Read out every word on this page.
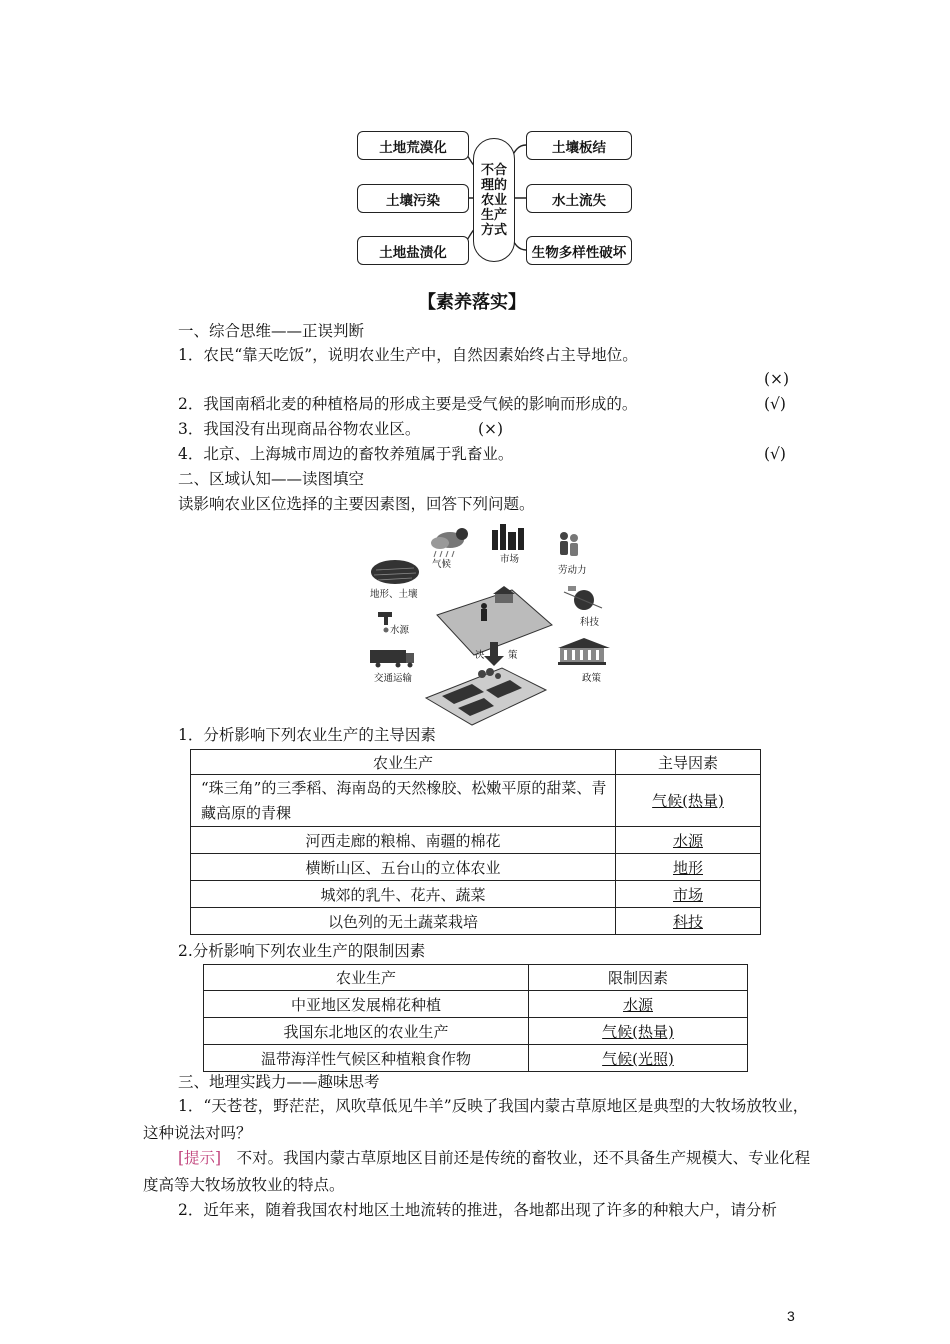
土地荒漠化
土壤污染
土地盐渍化
不合
理的
农业
生产
方式
土壤板结
水土流失
生物多样性破坏
【素养落实】
一、综合思维——正误判断
1．农民“靠天吃饭”，说明农业生产中，自然因素始终占主导地位。
(×)
2．我国南稻北麦的种植格局的形成主要是受气候的影响而形成的。	(√)
3．我国没有出现商品谷物农业区。	(×)
4．北京、上海城市周边的畜牧养殖属于乳畜业。	(√)
二、区域认知——读图填空
读影响农业区位选择的主要因素图，回答下列问题。
气候	市场
劳动力
地形、土壤
科技
水源
决 策
交通运输	政策
1．分析影响下列农业生产的主导因素
农业生产	主导因素
“珠三角”的三季稻、海南岛的天然橡胶、松嫩平原的甜菜、青藏高原的青稞	气候(热量)
河西走廊的粮棉、南疆的棉花	水源
横断山区、五台山的立体农业	地形
城郊的乳牛、花卉、蔬菜	市场
以色列的无土蔬菜栽培	科技
2.分析影响下列农业生产的限制因素
农业生产	限制因素
中亚地区发展棉花种植	水源
我国东北地区的农业生产	气候(热量)
温带海洋性气候区种植粮食作物	气候(光照)
三、地理实践力——趣味思考
1．“天苍苍，野茫茫，风吹草低见牛羊”反映了我国内蒙古草原地区是典型的大牧场放牧业，这种说法对吗？
[提示]　 不对。我国内蒙古草原地区目前还是传统的畜牧业，还不具备生产规模大、专业化程度高等大牧场放牧业的特点。
2．近年来，随着我国农村地区土地流转的推进，各地都出现了许多的种粮大户，请分析
3
